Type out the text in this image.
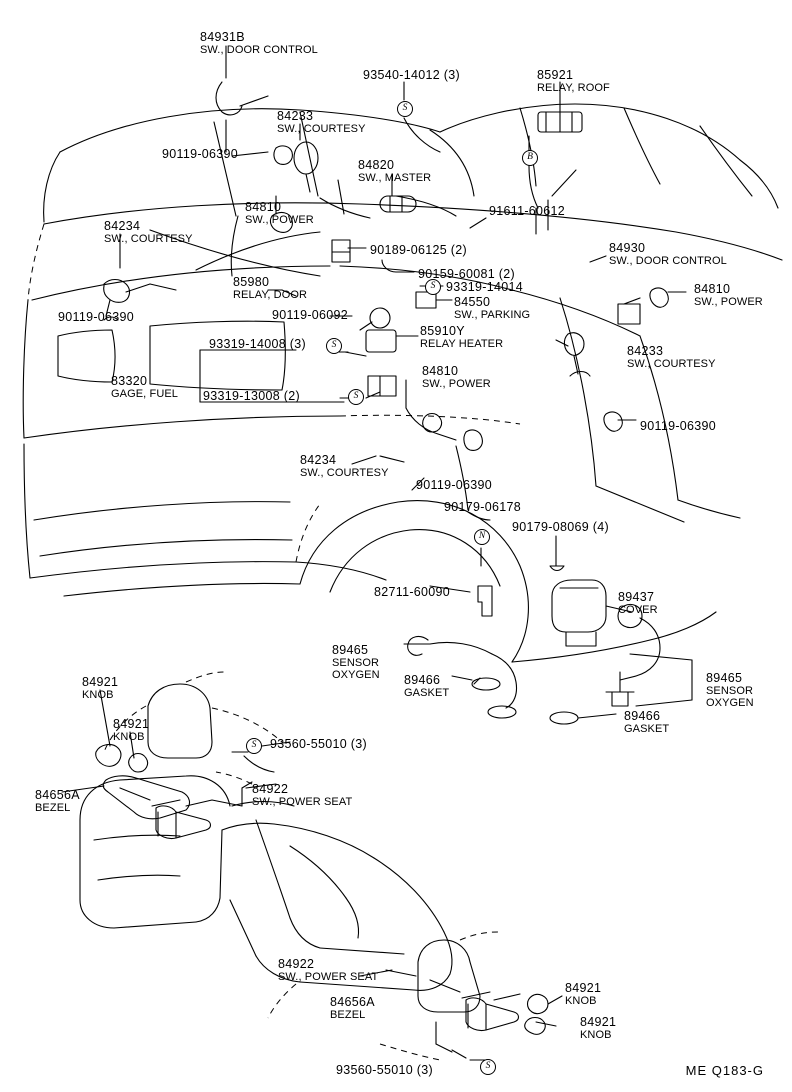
S
B
S
S
S
S
S
N
84931B
SW., DOOR CONTROL
93540-14012 (3)	85921
RELAY, ROOF
84233
SW., COURTESY
90119-06390
84820
SW., MASTER
84810
SW., POWER
91611-60612
84234
SW., COURTESY
90189-06125 (2)	84930
SW., DOOR CONTROL
90159-60081 (2)
84810
SW., POWER
85980
RELAY, DOOR
93319-14014
84550
SW., PARKING
90119-06390	90119-06092
85910Y
RELAY HEATER
93319-14008 (3)	84233
SW., COURTESY
83320
GAGE, FUEL
84810
SW., POWER
93319-13008 (2)
90119-06390
84234
SW., COURTESY
90119-06390
90179-06178
90179-08069 (4)
89437
COVER
82711-60090
89465
SENSOR
OXYGEN 89466
GASKET
89465
SENSOR
OXYGEN
89466
GASKET
84921
KNOB
84921
KNOB
93560-55010 (3)
84922
SW., POWER SEAT
84656A
BEZEL
84922
SW., POWER SEAT
84656A
BEZEL
84921
KNOB
84921
KNOB
93560-55010 (3)	ME Q183-G
